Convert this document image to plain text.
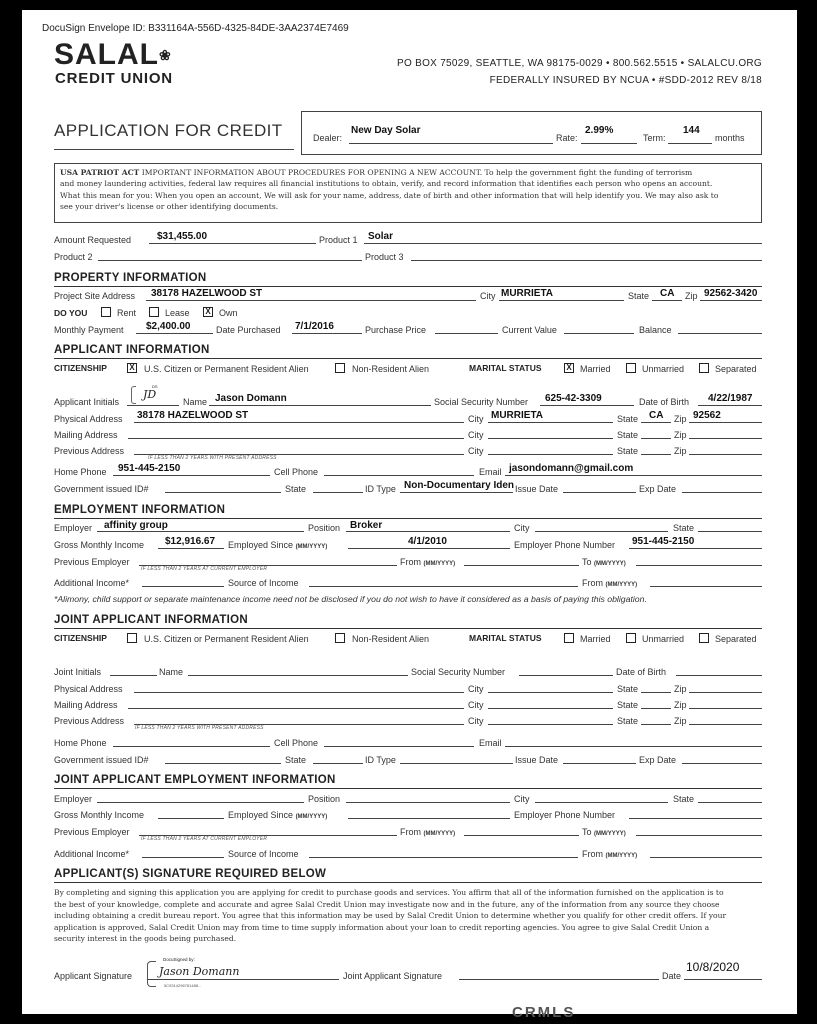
DocuSign Envelope ID: B331164A-556D-4325-84DE-3AA2374E7469
SALAL❀
CREDIT UNION
PO BOX 75029, SEATTLE, WA 98175-0029 • 800.562.5515 • SALALCU.ORG
FEDERALLY INSURED BY NCUA • #SDD-2012 REV 8/18
APPLICATION FOR CREDIT	Dealer:
New Day Solar
Rate:
2.99%
Term:
144
months
USA PATRIOT ACT IMPORTANT INFORMATION ABOUT PROCEDURES FOR OPENING A NEW ACCOUNT. To help the government fight the funding of terrorism
and money laundering activities, federal law requires all financial institutions to obtain, verify, and record information that identifies each person who opens an account.
What this mean for you: When you open an account, We will ask for your name, address, date of birth and other information that will help identify you. We may also ask to
see your driver's license or other identifying documents.
Amount Requested	$31,455.00	Product 1 Solar
Product 2	Product 3
PROPERTY INFORMATION
Project Site Address 38178 HAZELWOOD ST	City MURRIETA	State CA Zip 92562-3420
DO YOU	Rent	Lease X Own
Monthly Payment $2,400.00	Date Purchased 7/1/2016	Purchase Price	Current Value	Balance
APPLICANT INFORMATION
CITIZENSHIP	X U.S. Citizen or Permanent Resident Alien	Non-Resident Alien	MARITAL STATUS	X Married	Unmarried	Separated
Applicant Initials
DS
JD
Name Jason Domann	Social Security Number 625-42-3309	Date of Birth 4/22/1987
Physical Address 38178 HAZELWOOD ST	City MURRIETA	State CA Zip 92562
Mailing Address	City	State	Zip
Previous Address
IF LESS THAN 2 YEARS WITH PRESENT ADDRESS
City	State	Zip
Home Phone 951-445-2150	Cell Phone	Email jasondomann@gmail.com
Government issued ID#	State	ID Type Non-Documentary Iden Issue Date	Exp Date
EMPLOYMENT INFORMATION
Employer affinity group	Position Broker	City	State
Gross Monthly Income $12,916.67 Employed Since (MM/YYYY)	4/1/2010	Employer Phone Number 951-445-2150
Previous Employer
IF LESS THAN 2 YEARS AT CURRENT EMPLOYER
From (MM/YYYY)	To (MM/YYYY)
Additional Income*	Source of Income	From (MM/YYYY)
*Alimony, child support or separate maintenance income need not be disclosed if you do not wish to have it considered as a basis of paying this obligation.
JOINT APPLICANT INFORMATION
CITIZENSHIP	U.S. Citizen or Permanent Resident Alien	Non-Resident Alien	MARITAL STATUS	Married	Unmarried	Separated
Joint Initials	Name	Social Security Number	Date of Birth
Physical Address	City	State	Zip
Mailing Address	City	State	Zip
Previous Address
IF LESS THAN 2 YEARS WITH PRESENT ADDRESS
City	State	Zip
Home Phone	Cell Phone	Email
Government issued ID#	State	ID Type	Issue Date	Exp Date
JOINT APPLICANT EMPLOYMENT INFORMATION
Employer	Position	City	State
Gross Monthly Income	Employed Since (MM/YYYY)	Employer Phone Number
Previous Employer
IF LESS THAN 2 YEARS AT CURRENT EMPLOYER
From (MM/YYYY)	To (MM/YYYY)
Additional Income*	Source of Income	From (MM/YYYY)
APPLICANT(S) SIGNATURE REQUIRED BELOW
By completing and signing this application you are applying for credit to purchase goods and services. You affirm that all of the information furnished on the application is to
the best of your knowledge, complete and accurate and agree Salal Credit Union may investigate now and in the future, any of the information from any source they choose
including obtaining a credit bureau report. You agree that this information may be used by Salal Credit Union to determine whether you qualify for other credit offers. If your
application is approved, Salal Credit Union may from time to time supply information about your loan to credit reporting agencies. You agree to give Salal Credit Union a
security interest in the goods being purchased.
Applicant Signature
DocuSigned by:
Jason Domann
5C9314296781488...
Joint Applicant Signature	Date
10/8/2020
CRMLS
